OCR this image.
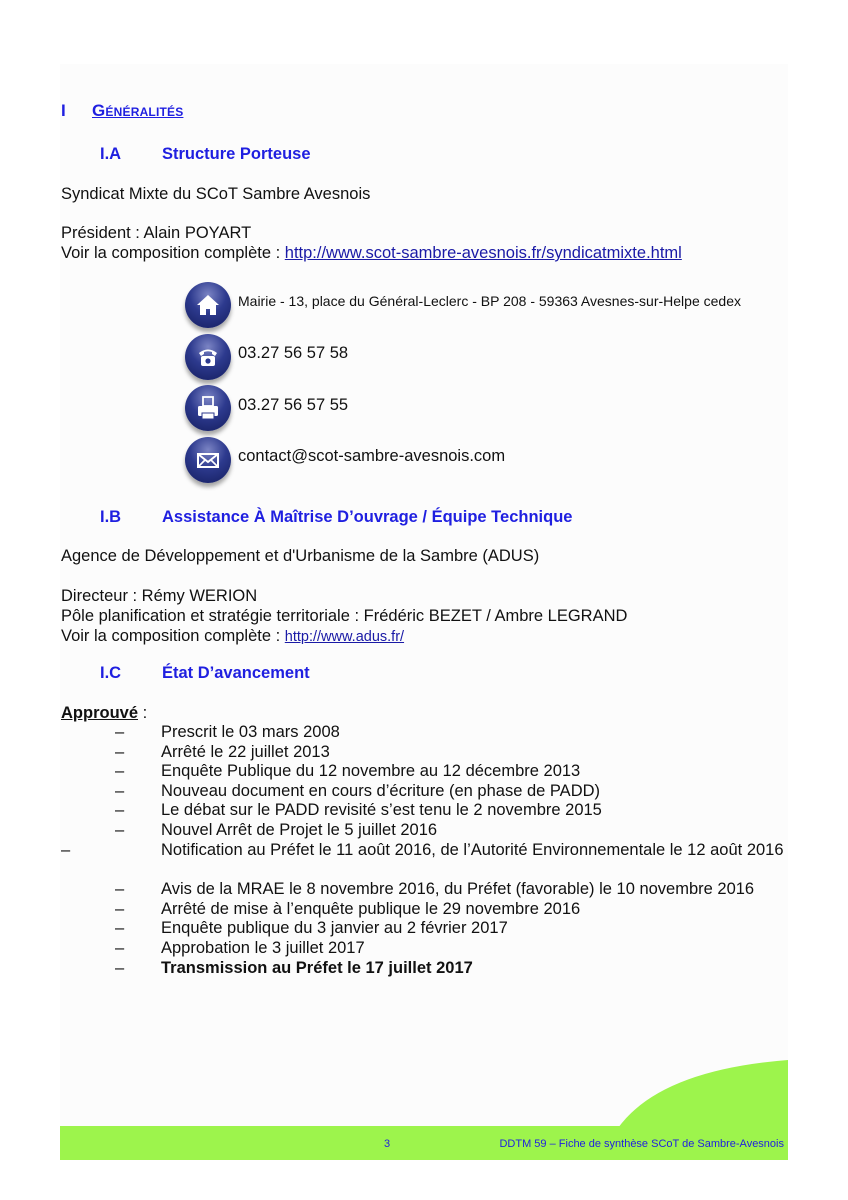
I Généralités
I.A Structure Porteuse
Syndicat Mixte du SCoT Sambre Avesnois
Président : Alain POYART
Voir la composition complète : http://www.scot-sambre-avesnois.fr/syndicatmixte.html
Mairie - 13, place du Général-Leclerc - BP 208 - 59363 Avesnes-sur-Helpe cedex
03.27 56 57 58
03.27 56 57 55
contact@scot-sambre-avesnois.com
I.B Assistance À Maîtrise D’ouvrage / Équipe Technique
Agence de Développement et d'Urbanisme de la Sambre (ADUS)
Directeur : Rémy WERION
Pôle planification et stratégie territoriale : Frédéric BEZET / Ambre LEGRAND
Voir la composition complète : http://www.adus.fr/
I.C État D’avancement
Approuvé :
– Prescrit le 03 mars 2008
– Arrêté le 22 juillet 2013
– Enquête Publique du 12 novembre au 12 décembre 2013
– Nouveau document en cours d’écriture (en phase de PADD)
– Le débat sur le PADD revisité s’est tenu le 2 novembre 2015
– Nouvel Arrêt de Projet le 5 juillet 2016
–	Notification au Préfet le 11 août 2016, de l’Autorité Environnementale le 12 août 2016
– Avis de la MRAE le 8 novembre 2016, du Préfet (favorable) le 10 novembre 2016
– Arrêté de mise à l’enquête publique le 29 novembre 2016
– Enquête publique du 3 janvier au 2 février 2017
– Approbation le 3 juillet 2017
– Transmission au Préfet le 17 juillet 2017
3	DDTM 59 – Fiche de synthèse SCoT de Sambre-Avesnois
